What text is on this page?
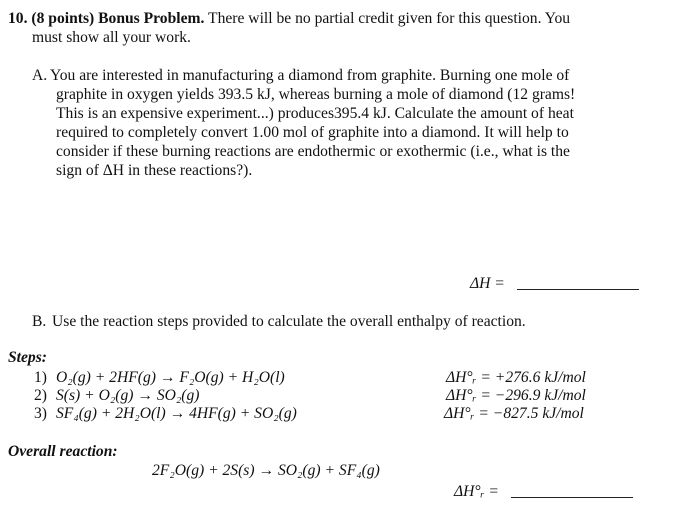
10. (8 points) Bonus Problem. There will be no partial credit given for this question. You
must show all your work.
A. You are interested in manufacturing a diamond from graphite. Burning one mole of
graphite in oxygen yields 393.5 kJ, whereas burning a mole of diamond (12 grams!
This is an expensive experiment...) produces395.4 kJ. Calculate the amount of heat
required to completely convert 1.00 mol of graphite into a diamond. It will help to
consider if these burning reactions are endothermic or exothermic (i.e., what is the
sign of ΔH in these reactions?).
ΔH =
B. Use the reaction steps provided to calculate the overall enthalpy of reaction.
Steps:
1) O₂(g) + 2HF(g) → F₂O(g) + H₂O(l)	ΔH°ᵣ = +276.6 kJ/mol
2) S(s) + O₂(g) → SO₂(g)	ΔH°ᵣ = −296.9 kJ/mol
3) SF₄(g) + 2H₂O(l) → 4HF(g) + SO₂(g)	ΔH°ᵣ = −827.5 kJ/mol
Overall reaction:
2F₂O(g) + 2S(s) → SO₂(g) + SF₄(g)
ΔH°ᵣ =
